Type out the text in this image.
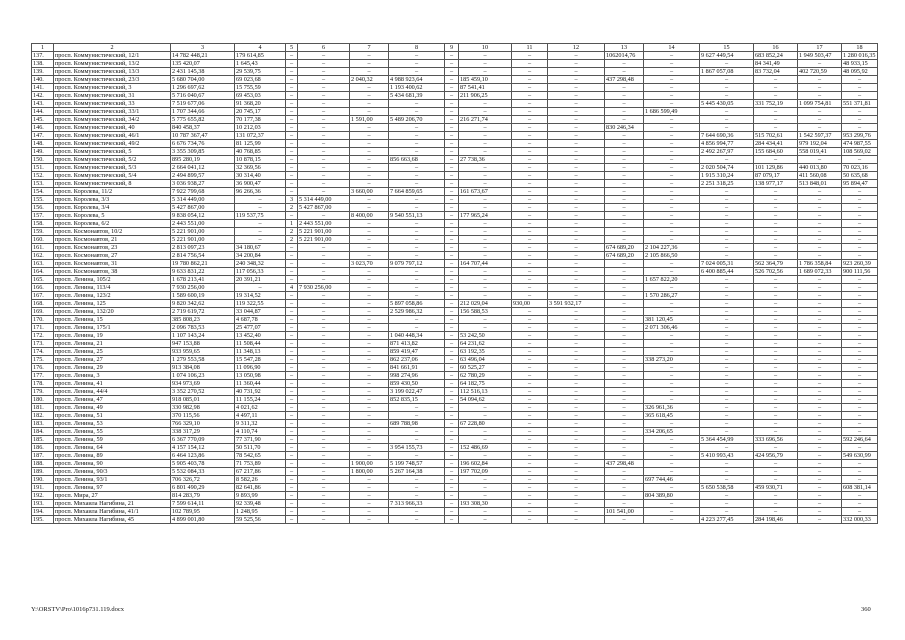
1	2	3	4	5	6	7	8	9	10	11	12	13	14	15	16	17	18
137.	просп. Коммунистический, 12/1	14 782 448,21	179 614,85	–	–	–	–	–	–	–	–	1062014,76	–	9 627 449,54	683 852,24	1 949 503,47	1 280 016,35
138.	просп. Коммунистический, 13/2	135 420,07	1 645,43	–	–	–	–	–	–	–	–	–	–	–	84 341,49	–	48 933,15
139.	просп. Коммунистический, 13/3	2 431 145,38	29 539,75	–	–	–	–	–	–	–	–	–	–	1 867 057,08	83 732,04	402 720,59	48 095,92
140.	просп. Коммунистический, 23/3	5 680 704,00	69 023,68	–	–	2 040,32	4 988 923,64	–	185 459,10	–	–	437 298,48	–	–	–	–	–
141.	просп. Коммунистический, 3	1 296 697,62	15 755,59	–	–	–	1 193 400,62	–	87 541,41	–	–	–	–	–	–	–	–
142.	просп. Коммунистический, 31	5 716 040,67	69 453,03	–	–	–	5 434 681,39	–	211 906,25	–	–	–	–	–	–	–	–
143.	просп. Коммунистический, 33	7 519 677,06	91 368,20	–	–	–	–	–	–	–	–	–	–	5 445 430,05	331 752,19	1 099 754,81	551 371,81
144.	просп. Коммунистический, 33/1	1 707 344,66	20 745,17	–	–	–	–	–	–	–	–	–	1 686 599,49	–	–	–	–
145.	просп. Коммунистический, 34/2	5 775 655,82	70 177,38	–	–	1 591,00	5 489 206,70	–	216 271,74	–	–	–	–	–	–	–	–
146.	просп. Коммунистический, 40	840 458,37	10 212,03	–	–	–	–	–	–	–	–	830 246,34	–	–	–	–	–
147.	просп. Коммунистический, 46/1	10 787 367,47	131 072,37	–	–	–	–	–	–	–	–	–	–	7 644 690,36	515 702,61	1 542 597,37	953 299,76
148.	просп. Коммунистический, 49/2	6 676 734,76	81 125,99	–	–	–	–	–	–	–	–	–	–	4 856 994,77	284 434,41	979 192,04	474 987,55
149.	просп. Коммунистический, 5	3 355 309,85	40 768,85	–	–	–	–	–	–	–	–	–	–	2 492 267,97	155 684,60	558 019,41	108 569,02
150.	просп. Коммунистический, 5/2	895 280,19	10 878,15	–	–	–	856 663,68	–	27 738,36	–	–	–	–	–	–	–	–
151.	просп. Коммунистический, 5/3	2 664 041,12	32 369,56	–	–	–	–	–	–	–	–	–	–	2 020 504,74	101 129,86	440 013,80	70 023,16
152.	просп. Коммунистический, 5/4	2 494 899,57	30 314,40	–	–	–	–	–	–	–	–	–	–	1 915 310,24	87 079,17	411 560,08	50 635,68
153.	просп. Коммунистический, 8	3 036 938,27	36 900,47	–	–	–	–	–	–	–	–	–	–	2 251 318,25	138 977,17	513 848,01	95 894,47
154.	просп. Королева, 11/2	7 922 799,68	96 266,36	–	–	3 660,00	7 664 859,65	–	161 673,67	–	–	–	–	–	–	–	–
155.	просп. Королева, 3/3	5 314 449,00	–	3	5 314 449,00	–	–	–	–	–	–	–	–	–	–	–	–
156.	просп. Королева, 3/4	5 427 867,00	–	2	5 427 867,00	–	–	–	–	–	–	–	–	–	–	–	–
157.	просп. Королева, 5	9 838 054,12	119 537,75	–	–	8 400,00	9 540 551,13	–	177 965,24	–	–	–	–	–	–	–	–
158.	просп. Королева, 6/2	2 443 551,00	–	1	2 443 551,00	–	–	–	–	–	–	–	–	–	–	–	–
159.	просп. Космонавтов, 10/2	5 221 901,00	–	2	5 221 901,00	–	–	–	–	–	–	–	–	–	–	–	–
160.	просп. Космонавтов, 21	5 221 901,00	–	2	5 221 901,00	–	–	–	–	–	–	–	–	–	–	–	–
161.	просп. Космонавтов, 23	2 813 097,23	34 180,67	–	–	–	–	–	–	–	–	674 689,20	2 104 227,36	–	–	–	–
162.	просп. Космонавтов, 27	2 814 756,54	34 200,84	–	–	–	–	–	–	–	–	674 689,20	2 105 866,50	–	–	–	–
163.	просп. Космонавтов, 31	19 780 862,21	240 348,32	–	–	3 023,70	9 079 797,12	–	164 707,44	–	–	–	–	7 024 005,31	562 364,79	1 786 358,84	923 260,39
164.	просп. Космонавтов, 38	9 633 831,22	117 056,33	–	–	–	–	–	–	–	–	–	–	6 400 885,44	526 702,56	1 689 072,33	900 111,56
165.	просп. Ленина, 105/2	1 678 213,41	20 391,21	–	–	–	–	–	–	–	–	–	1 657 822,20	–	–	–	–
166.	просп. Ленина, 113/4	7 930 256,00	–	4	7 930 256,00	–	–	–	–	–	–	–	–	–	–	–	–
167.	просп. Ленина, 123/2	1 589 600,19	19 314,52	–	–	–	–	–	–	–	–	–	1 570 286,27	–	–	–	–
168.	просп. Ленина, 125	9 820 342,62	119 322,55	–	–	–	5 897 058,86	–	212 029,04	930,00	3 591 932,17	–	–	–	–	–	–
169.	просп. Ленина, 132/20	2 719 619,72	33 044,87	–	–	–	2 529 986,32	–	156 588,53	–	–	–	–	–	–	–	–
170.	просп. Ленина, 15	385 808,23	4 687,78	–	–	–	–	–	–	–	–	–	381 120,45	–	–	–	–
171.	просп. Ленина, 175/1	2 096 783,53	25 477,07	–	–	–	–	–	–	–	–	–	2 071 306,46	–	–	–	–
172.	просп. Ленина, 19	1 107 143,24	13 452,40	–	–	–	1 040 448,34	–	53 242,50	–	–	–	–	–	–	–	–
173.	просп. Ленина, 21	947 153,88	11 508,44	–	–	–	871 413,82	–	64 231,62	–	–	–	–	–	–	–	–
174.	просп. Ленина, 25	933 959,65	11 348,13	–	–	–	859 419,47	–	63 192,35	–	–	–	–	–	–	–	–
175.	просп. Ленина, 27	1 279 553,58	15 547,28	–	–	–	862 237,06	–	63 496,04	–	–	–	338 273,20	–	–	–	–
176.	просп. Ленина, 29	913 384,08	11 096,90	–	–	–	841 661,91	–	60 525,27	–	–	–	–	–	–	–	–
177.	просп. Ленина, 3	1 074 106,23	13 050,98	–	–	–	998 274,96	–	62 780,29	–	–	–	–	–	–	–	–
178.	просп. Ленина, 41	934 973,69	11 360,44	–	–	–	859 430,50	–	64 182,75	–	–	–	–	–	–	–	–
179.	просп. Ленина, 44/4	3 352 270,52	40 731,92	–	–	–	3 199 022,47	–	112 516,13	–	–	–	–	–	–	–	–
180.	просп. Ленина, 47	918 085,01	11 155,24	–	–	–	852 835,15	–	54 094,62	–	–	–	–	–	–	–	–
181.	просп. Ленина, 49	330 982,98	4 021,62	–	–	–	–	–	–	–	–	–	326 961,36	–	–	–	–
182.	просп. Ленина, 51	370 115,56	4 497,11	–	–	–	–	–	–	–	–	–	365 618,45	–	–	–	–
183.	просп. Ленина, 53	766 329,10	9 311,32	–	–	–	689 788,98	–	67 228,80	–	–	–	–	–	–	–	–
184.	просп. Ленина, 55	338 317,29	4 110,74	–	–	–	–	–	–	–	–	–	334 206,65	–	–	–	–
185.	просп. Ленина, 59	6 367 770,09	77 371,90	–	–	–	–	–	–	–	–	–	–	5 364 454,99	333 696,56	–	592 246,64
186.	просп. Ленина, 64	4 157 154,12	50 511,70	–	–	–	3 954 155,73	–	152 486,69	–	–	–	–	–	–	–	–
187.	просп. Ленина, 89	6 464 123,86	78 542,65	–	–	–	–	–	–	–	–	–	–	5 410 993,43	424 956,79	–	549 630,99
188.	просп. Ленина, 90	5 905 403,78	71 753,89	–	–	1 900,00	5 199 748,57	–	196 602,84	–	–	437 298,48	–	–	–	–	–
189.	просп. Ленина, 90/3	5 532 084,33	67 217,86	–	–	1 800,00	5 267 164,38	–	197 702,09	–	–	–	–	–	–	–	–
190.	просп. Ленина, 93/1	706 326,72	8 582,26	–	–	–	–	–	–	–	–	–	697 744,46	–	–	–	–
191.	просп. Ленина, 97	6 801 490,29	82 641,86	–	–	–	–	–	–	–	–	–	–	5 650 538,58	459 930,71	–	608 381,14
192.	просп. Мира, 27	814 283,79	9 893,99	–	–	–	–	–	–	–	–	–	804 389,80	–	–	–	–
193.	просп. Михаила Нагибина, 21	7 599 614,11	92 339,48	–	–	–	7 313 966,33	–	193 308,30	–	–	–	–	–	–	–	–
194.	просп. Михаила Нагибина, 41/1	102 789,95	1 248,95	–	–	–	–	–	–	–	–	101 541,00	–	–	–	–	–
195.	просп. Михаила Нагибина, 45	4 899 001,80	59 525,56	–	–	–	–	–	–	–	–	–	–	4 223 277,45	284 198,46	–	332 000,33
Y:\ORSTV\Pro\1016p731.119.docx	360
